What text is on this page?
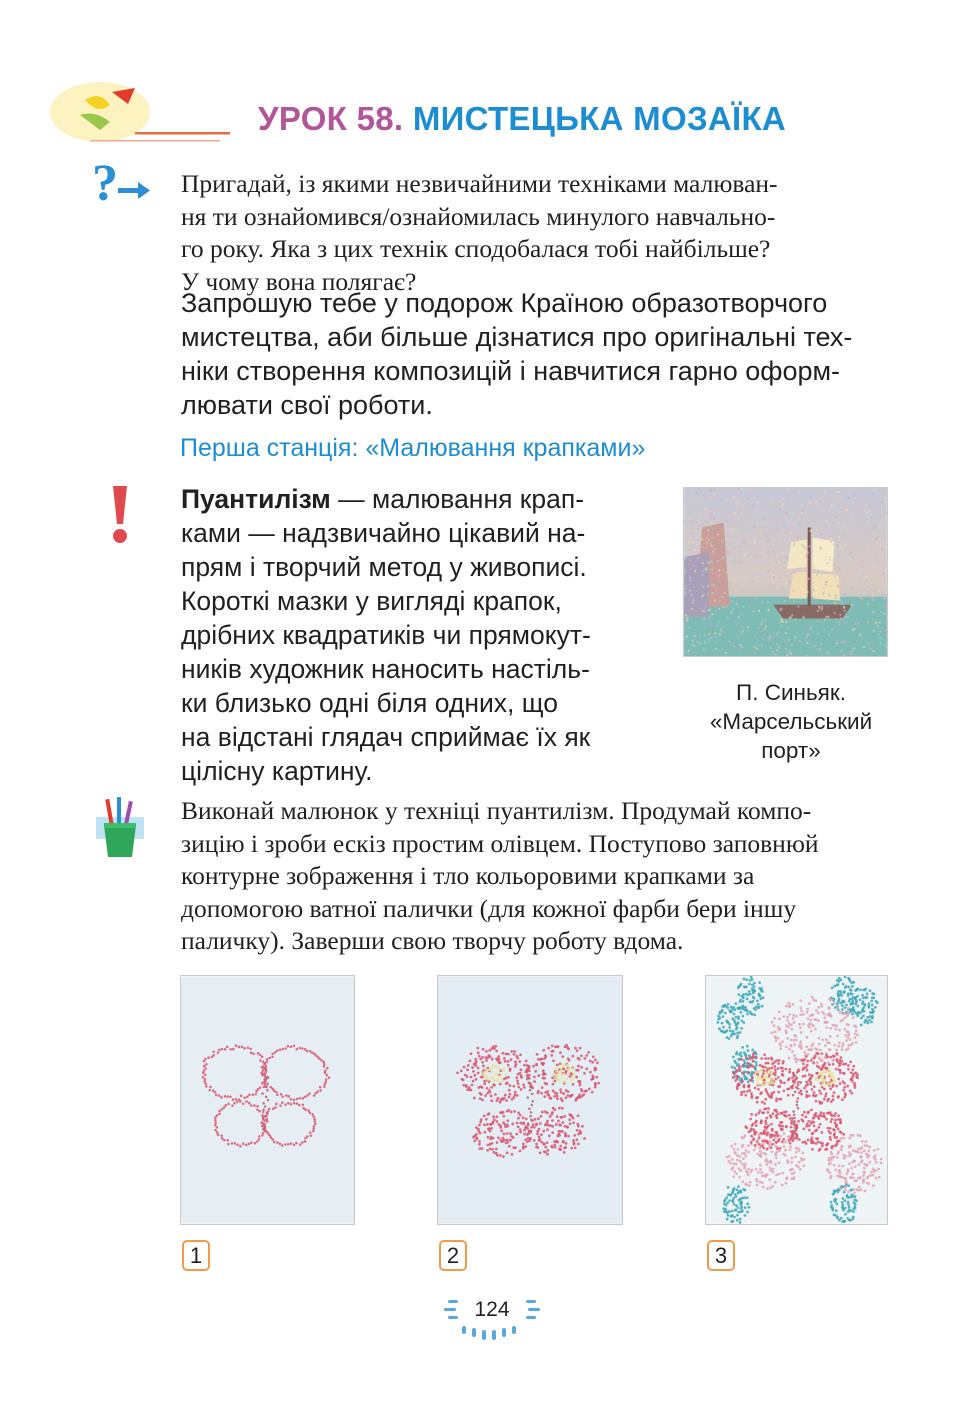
УРОК 58. МИСТЕЦЬКА МОЗАЇКА
? Пригадай, із якими незвичайними техніками малюван-

ня ти ознайомився/ознайомилась минулого навчально-

го року. Яка з цих технік сподобалася тобі найбільше?

У чому вона полягає?

Запрошую тебе у подорож Країною образотворчого
мистецтва, аби більше дізнатися про оригінальні тех-
ніки створення композицій і навчитися гарно оформ-
лювати свої роботи.
Перша станція: «Малювання крапками»
Пуантилізм — малювання крап-
ками — надзвичайно цікавий на-
прям і творчий метод у живописі.
Короткі мазки у вигляді крапок,
дрібних квадратиків чи прямокут-
ників художник наносить настіль-
ки близько одні біля одних, що
на відстані глядач сприймає їх як
цілісну картину.
П. Синьяк.
«Марсельський
порт»

Виконай малюнок у техніці пуантилізм. Продумай компо-

зицію і зроби ескіз простим олівцем. Поступово заповнюй

контурне зображення і тло кольоровими крапками за

допомогою ватної палички (для кожної фарби бери іншу

паличку). Заверши свою творчу роботу вдома.

1	2	3
124
